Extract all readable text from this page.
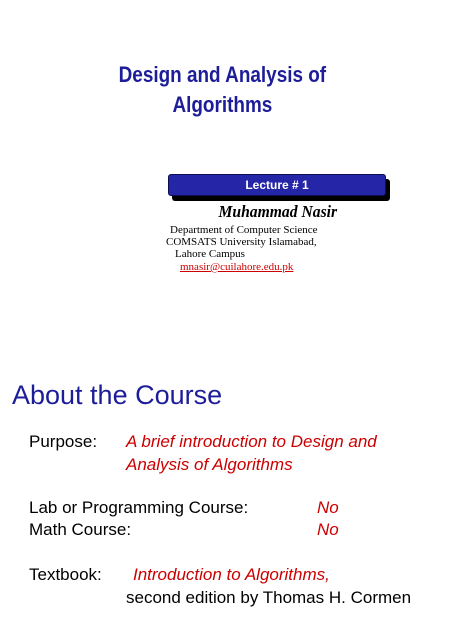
Design and Analysis of
Algorithms
Lecture # 1
Muhammad Nasir
Department of Computer Science
COMSATS University Islamabad,
Lahore Campus
mnasir@cuilahore.edu.pk
About the Course
Purpose: A brief introduction to Design and
Analysis of Algorithms
Lab or Programming Course:	No
Math Course:	No
Textbook: Introduction to Algorithms,
second edition by Thomas H. Cormen
